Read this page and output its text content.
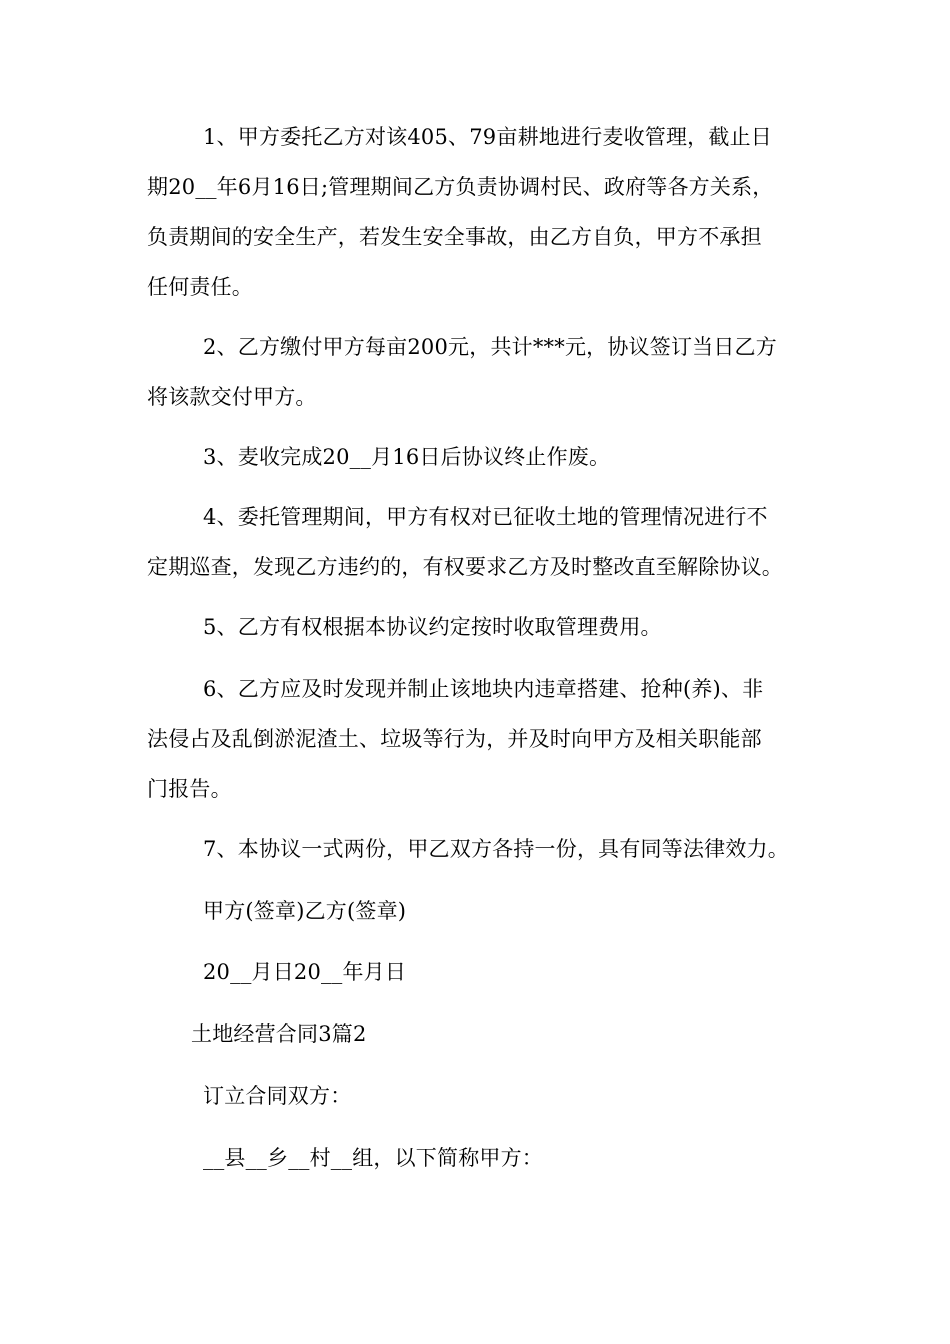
1、甲方委托乙方对该405、79亩耕地进行麦收管理，截止日
期20__年6月16日;管理期间乙方负责协调村民、政府等各方关系，
负责期间的安全生产，若发生安全事故，由乙方自负，甲方不承担
任何责任。
2、乙方缴付甲方每亩200元，共计***元，协议签订当日乙方
将该款交付甲方。
3、麦收完成20__月16日后协议终止作废。
4、委托管理期间，甲方有权对已征收土地的管理情况进行不
定期巡查，发现乙方违约的，有权要求乙方及时整改直至解除协议。
5、乙方有权根据本协议约定按时收取管理费用。
6、乙方应及时发现并制止该地块内违章搭建、抢种(养)、非
法侵占及乱倒淤泥渣土、垃圾等行为，并及时向甲方及相关职能部
门报告。
7、本协议一式两份，甲乙双方各持一份，具有同等法律效力。
甲方(签章)乙方(签章)
20__月日20__年月日
土地经营合同3篇2
订立合同双方：
__县__乡__村__组，以下简称甲方：
